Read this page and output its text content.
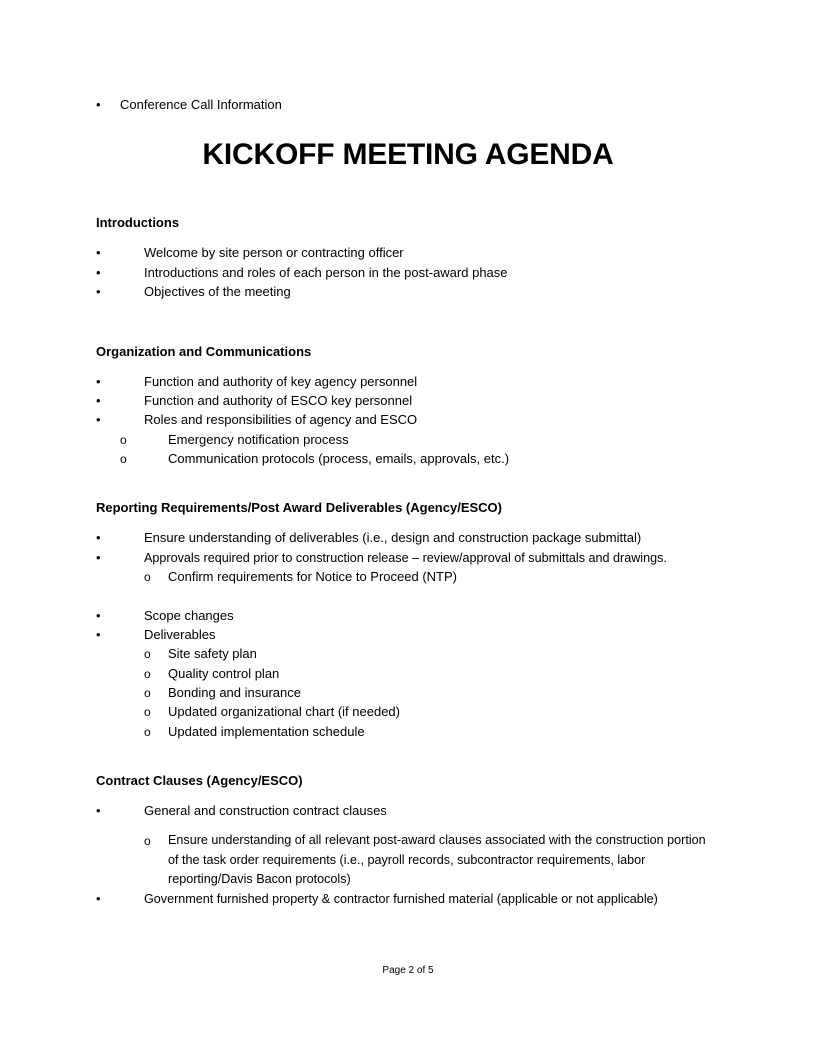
• Conference Call Information
KICKOFF MEETING AGENDA
Introductions
•	Welcome by site person or contracting officer
•	Introductions and roles of each person in the post-award phase
•	Objectives of the meeting
Organization and Communications
•	Function and authority of key agency personnel
•	Function and authority of ESCO key personnel
•	Roles and responsibilities of agency and ESCO
o	Emergency notification process
o	Communication protocols (process, emails, approvals, etc.)
Reporting Requirements/Post Award Deliverables (Agency/ESCO)
•	Ensure understanding of deliverables (i.e., design and construction package submittal)
•	Approvals required prior to construction release – review/approval of submittals and drawings.
o Confirm requirements for Notice to Proceed (NTP)
•	Scope changes
•	Deliverables
o Site safety plan
o Quality control plan
o Bonding and insurance
o Updated organizational chart (if needed)
o Updated implementation schedule
Contract Clauses (Agency/ESCO)
•	General and construction contract clauses
o Ensure understanding of all relevant post-award clauses associated with the construction portion of the task order requirements (i.e., payroll records, subcontractor requirements, labor reporting/Davis Bacon protocols)
•	Government furnished property & contractor furnished material (applicable or not applicable)
Page 2 of 5
